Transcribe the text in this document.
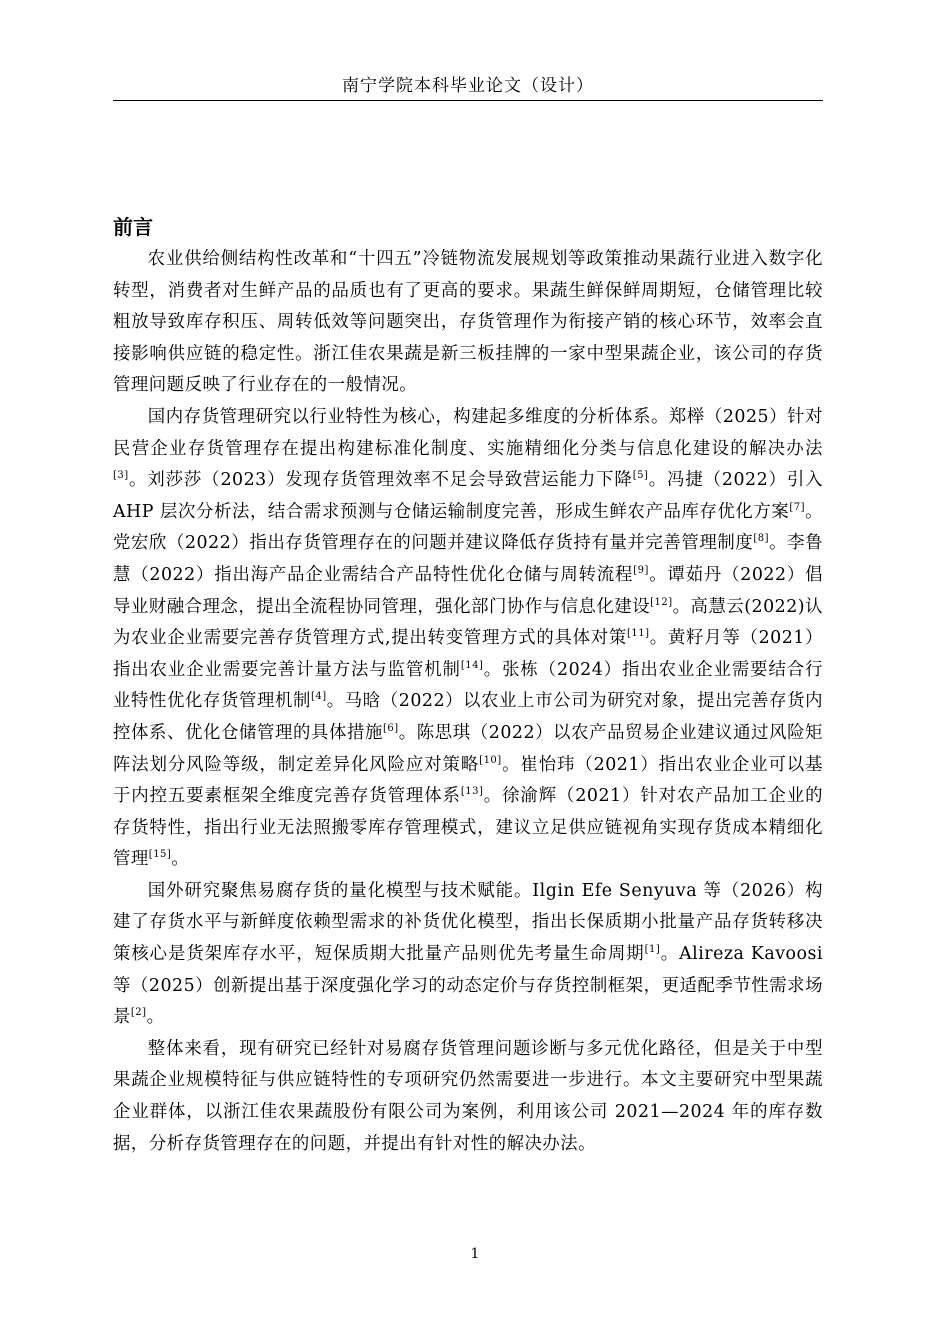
南宁学院本科毕业论文（设计）
前言

农业供给侧结构性改革和“十四五”冷链物流发展规划等政策推动果蔬行业进入数字化转型，消费者对生鲜产品的品质也有了更高的要求。果蔬生鲜保鲜周期短，仓储管理比较粗放导致库存积压、周转低效等问题突出，存货管理作为衔接产销的核心环节，效率会直接影响供应链的稳定性。浙江佳农果蔬是新三板挂牌的一家中型果蔬企业，该公司的存货管理问题反映了行业存在的一般情况。

国内存货管理研究以行业特性为核心，构建起多维度的分析体系。郑榉（2025）针对民营企业存货管理存在提出构建标准化制度、实施精细化分类与信息化建设的解决办法[3]。刘莎莎（2023）发现存货管理效率不足会导致营运能力下降[5]。冯捷（2022）引入 AHP 层次分析法，结合需求预测与仓储运输制度完善，形成生鲜农产品库存优化方案[7]。党宏欣（2022）指出存货管理存在的问题并建议降低存货持有量并完善管理制度[8]。李鲁慧（2022）指出海产品企业需结合产品特性优化仓储与周转流程[9]。谭茹丹（2022）倡导业财融合理念，提出全流程协同管理，强化部门协作与信息化建设[12]。高慧云(2022)认为农业企业需要完善存货管理方式,提出转变管理方式的具体对策[11]。黄籽月等（2021）指出农业企业需要完善计量方法与监管机制[14]。张栋（2024）指出农业企业需要结合行业特性优化存货管理机制[4]。马晗（2022）以农业上市公司为研究对象，提出完善存货内控体系、优化仓储管理的具体措施[6]。陈思琪（2022）以农产品贸易企业建议通过风险矩阵法划分风险等级，制定差异化风险应对策略[10]。崔怡玮（2021）指出农业企业可以基于内控五要素框架全维度完善存货管理体系[13]。徐渝辉（2021）针对农产品加工企业的存货特性，指出行业无法照搬零库存管理模式，建议立足供应链视角实现存货成本精细化管理[15]。

国外研究聚焦易腐存货的量化模型与技术赋能。Ilgin Efe Senyuva 等（2026）构建了存货水平与新鲜度依赖型需求的补货优化模型，指出长保质期小批量产品存货转移决策核心是货架库存水平，短保质期大批量产品则优先考量生命周期[1]。Alireza Kavoosi 等（2025）创新提出基于深度强化学习的动态定价与存货控制框架，更适配季节性需求场景[2]。

整体来看，现有研究已经针对易腐存货管理问题诊断与多元优化路径，但是关于中型果蔬企业规模特征与供应链特性的专项研究仍然需要进一步进行。本文主要研究中型果蔬企业群体，以浙江佳农果蔬股份有限公司为案例，利用该公司 2021—2024 年的库存数据，分析存货管理存在的问题，并提出有针对性的解决办法。

1
